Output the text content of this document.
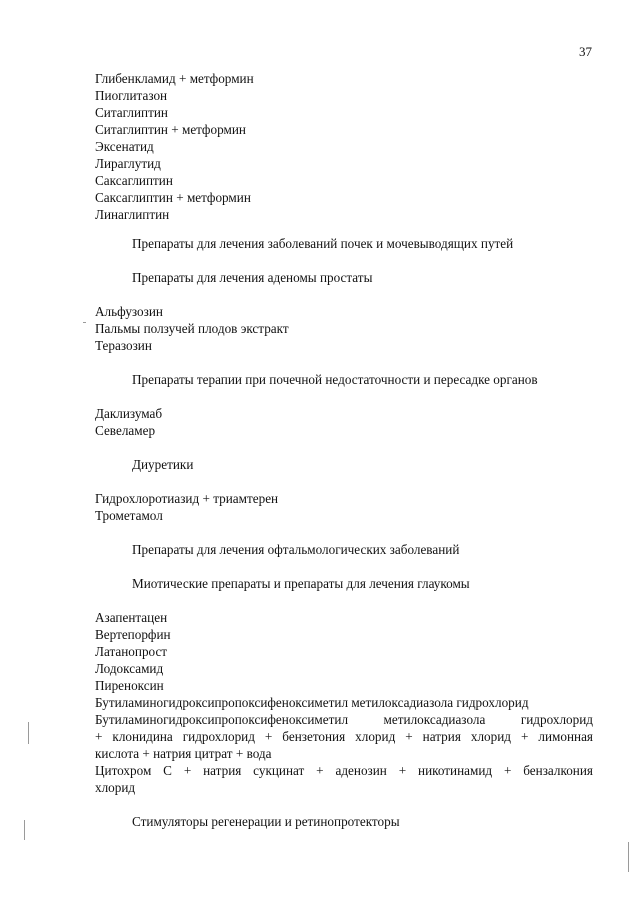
37
Глибенкламид + метформин
Пиоглитазон
Ситаглиптин
Ситаглиптин + метформин
Эксенатид
Лираглутид
Саксаглиптин
Саксаглиптин + метформин
Линаглиптин
Препараты для лечения заболеваний почек и мочевыводящих путей
Препараты для лечения аденомы простаты
Альфузозин
Пальмы ползучей плодов экстракт
Теразозин
Препараты терапии при почечной недостаточности и пересадке органов
Даклизумаб
Севеламер
Диуретики
Гидрохлоротиазид + триамтерен
Трометамол
Препараты для лечения офтальмологических заболеваний
Миотические препараты и препараты для лечения глаукомы
Азапентацен
Вертепорфин
Латанопрост
Лодоксамид
Пиреноксин
Бутиламиногидроксипропоксифеноксиметил метилоксадиазола гидрохлорид
Бутиламиногидроксипропоксифеноксиметил метилоксадиазола гидрохлорид
+ клонидина гидрохлорид + бензетония хлорид + натрия хлорид + лимонная
кислота + натрия цитрат + вода
Цитохром С + натрия сукцинат + аденозин + никотинамид + бензалкония
хлорид
Стимуляторы регенерации и ретинопротекторы
